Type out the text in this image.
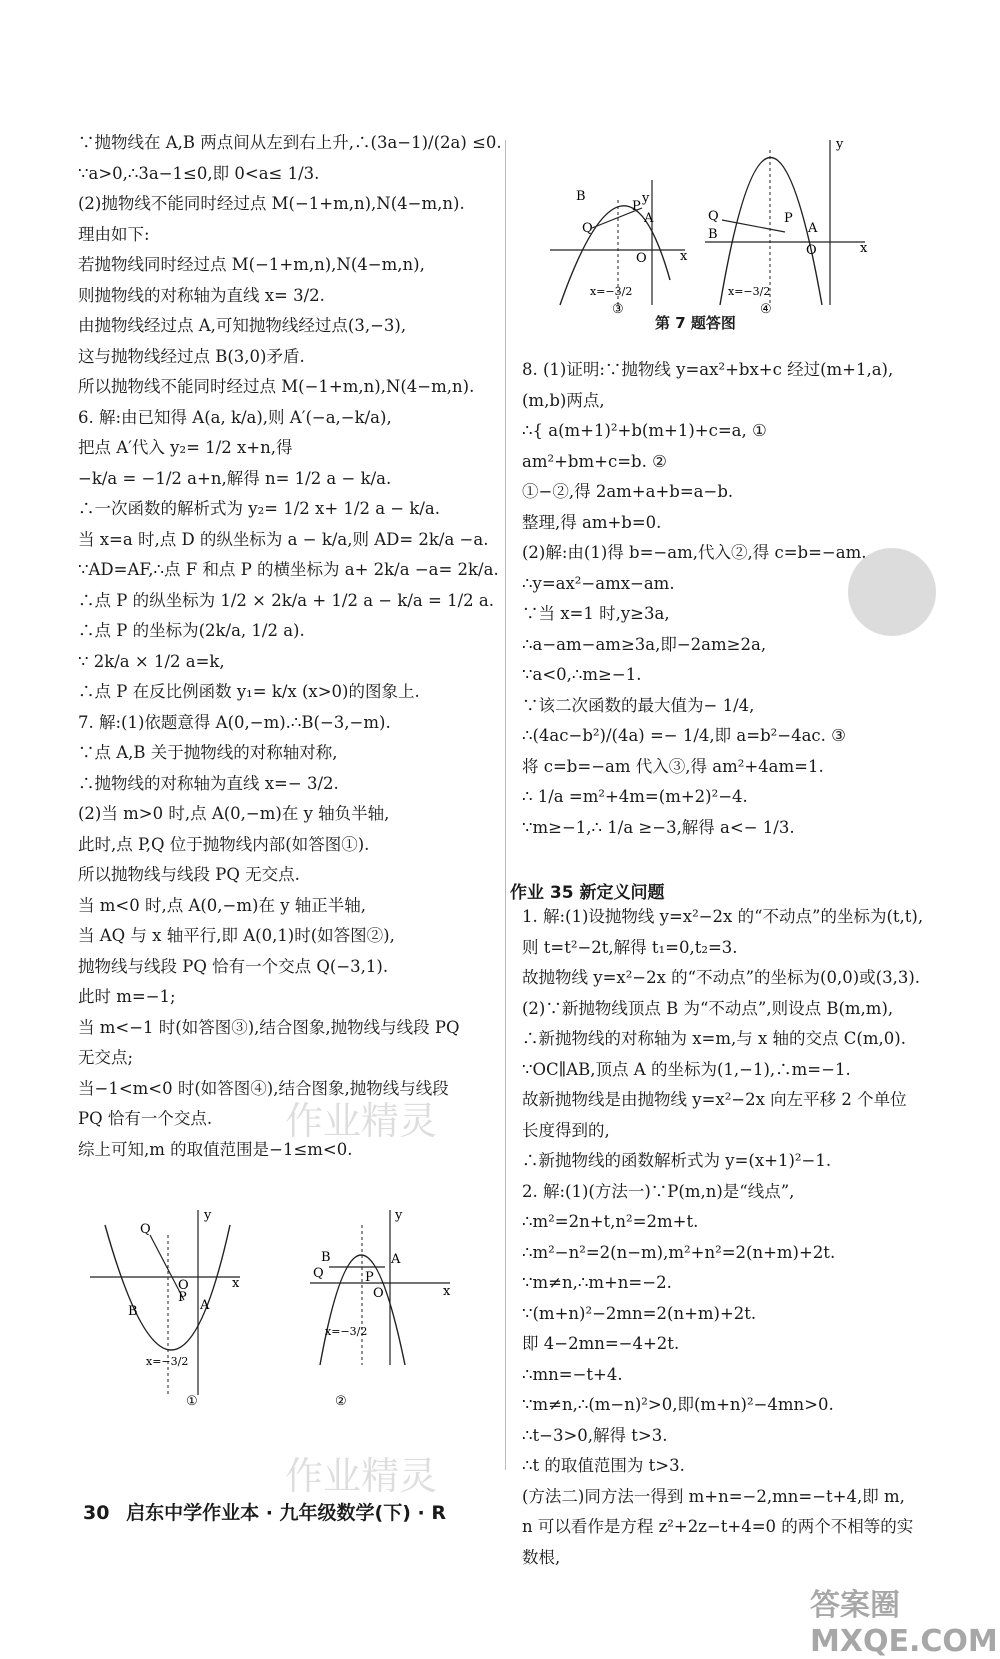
y
x
O
B
A
P
Q
x=−3/2
③
y
x
O
B	A
P
Q
x=−3/2
④
第 7 题答图

∵抛物线在 A,B 两点间从左到右上升,∴(3a−1)/(2a) ≤0.

∵a>0,∴3a−1≤0,即 0<a≤ 1/3.

(2)抛物线不能同时经过点 M(−1+m,n),N(4−m,n).

理由如下:

若抛物线同时经过点 M(−1+m,n),N(4−m,n),

则抛物线的对称轴为直线 x= 3/2.

由抛物线经过点 A,可知抛物线经过点(3,−3),

这与抛物线经过点 B(3,0)矛盾.

所以抛物线不能同时经过点 M(−1+m,n),N(4−m,n).

6. 解:由已知得 A(a, k/a),则 A′(−a,−k/a),

把点 A′代入 y₂= 1/2 x+n,得

−k/a = −1/2 a+n,解得 n= 1/2 a − k/a.

∴一次函数的解析式为 y₂= 1/2 x+ 1/2 a − k/a.

当 x=a 时,点 D 的纵坐标为 a − k/a,则 AD= 2k/a −a.

∵AD=AF,∴点 F 和点 P 的横坐标为 a+ 2k/a −a= 2k/a.

∴点 P 的纵坐标为 1/2 × 2k/a + 1/2 a − k/a = 1/2 a.

∴点 P 的坐标为(2k/a, 1/2 a).

∵ 2k/a × 1/2 a=k,

∴点 P 在反比例函数 y₁= k/x (x>0)的图象上.

7. 解:(1)依题意得 A(0,−m).∴B(−3,−m).

∵点 A,B 关于抛物线的对称轴对称,

∴抛物线的对称轴为直线 x=− 3/2.

(2)当 m>0 时,点 A(0,−m)在 y 轴负半轴,

此时,点 P,Q 位于抛物线内部(如答图①).

所以抛物线与线段 PQ 无交点.

当 m<0 时,点 A(0,−m)在 y 轴正半轴,

当 AQ 与 x 轴平行,即 A(0,1)时(如答图②),

抛物线与线段 PQ 恰有一个交点 Q(−3,1).

此时 m=−1;

当 m<−1 时(如答图③),结合图象,抛物线与线段 PQ

无交点;

当−1<m<0 时(如答图④),结合图象,抛物线与线段

PQ 恰有一个交点.

综上可知,m 的取值范围是−1≤m<0.

8. (1)证明:∵抛物线 y=ax²+bx+c 经过(m+1,a),

(m,b)两点,

∴{ a(m+1)²+b(m+1)+c=a, ①

am²+bm+c=b. ②

①−②,得 2am+a+b=a−b.

整理,得 am+b=0.

(2)解:由(1)得 b=−am,代入②,得 c=b=−am.

∴y=ax²−amx−am.

∵当 x=1 时,y≥3a,

∴a−am−am≥3a,即−2am≥2a,

∵a<0,∴m≥−1.

∵该二次函数的最大值为− 1/4,

∴(4ac−b²)/(4a) =− 1/4,即 a=b²−4ac. ③

将 c=b=−am 代入③,得 am²+4am=1.

∴ 1/a =m²+4m=(m+2)²−4.

∵m≥−1,∴ 1/a ≥−3,解得 a<− 1/3.

作业 35 新定义问题

1. 解:(1)设抛物线 y=x²−2x 的“不动点”的坐标为(t,t),

则 t=t²−2t,解得 t₁=0,t₂=3.

故抛物线 y=x²−2x 的“不动点”的坐标为(0,0)或(3,3).

(2)∵新抛物线顶点 B 为“不动点”,则设点 B(m,m),

∴新抛物线的对称轴为 x=m,与 x 轴的交点 C(m,0).

∵OC∥AB,顶点 A 的坐标为(1,−1),∴m=−1.

故新抛物线是由抛物线 y=x²−2x 向左平移 2 个单位

长度得到的,

∴新抛物线的函数解析式为 y=(x+1)²−1.

2. 解:(1)(方法一)∵P(m,n)是“线点”,

∴m²=2n+t,n²=2m+t.

∴m²−n²=2(n−m),m²+n²=2(n+m)+2t.

∵m≠n,∴m+n=−2.

∵(m+n)²−2mn=2(n+m)+2t.

即 4−2mn=−4+2t.

∴mn=−t+4.

∵m≠n,∴(m−n)²>0,即(m+n)²−4mn>0.

∴t−3>0,解得 t>3.

∴t 的取值范围为 t>3.

(方法二)同方法一得到 m+n=−2,mn=−t+4,即 m,

n 可以看作是方程 z²+2z−t+4=0 的两个不相等的实

数根,

y
x
O
B	A
P
Q
x=−3/2
①
y
x
O
B	A
P
Q
x=−3/2
②
作业精灵
作业精灵
答案圈 MXQE.COM
30 启东中学作业本 · 九年级数学(下) · R
